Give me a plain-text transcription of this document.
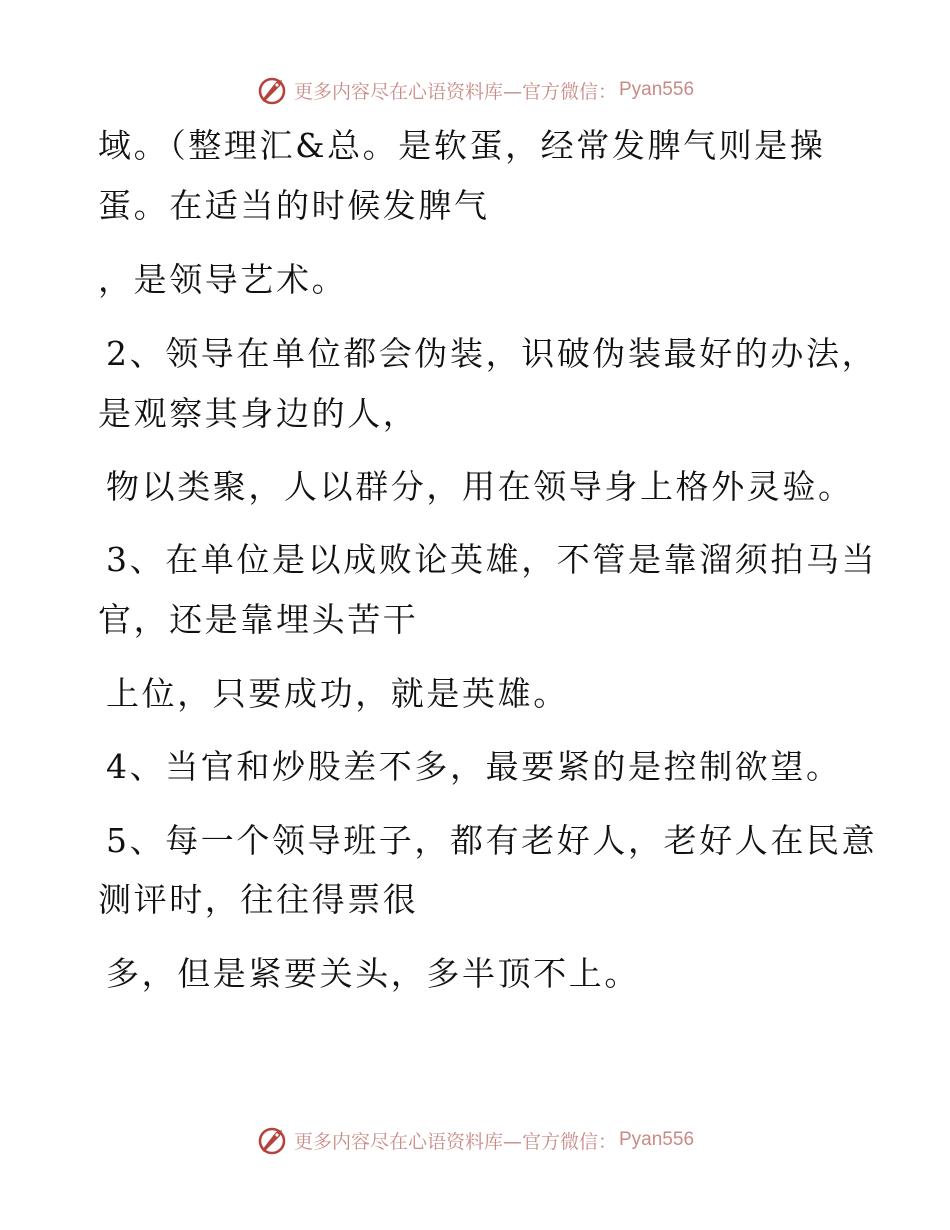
更多内容尽在心语资料库—官方微信： Pyan556
域。（整理汇&总。是软蛋，经常发脾气则是操
蛋。在适当的时候发脾气
，是领导艺术。
2、领导在单位都会伪装，识破伪装最好的办法，
是观察其身边的人，
物以类聚，人以群分，用在领导身上格外灵验。
3、在单位是以成败论英雄，不管是靠溜须拍马当
官，还是靠埋头苦干
上位，只要成功，就是英雄。
4、当官和炒股差不多，最要紧的是控制欲望。
5、每一个领导班子，都有老好人，老好人在民意
测评时，往往得票很
多，但是紧要关头，多半顶不上。
更多内容尽在心语资料库—官方微信： Pyan556
